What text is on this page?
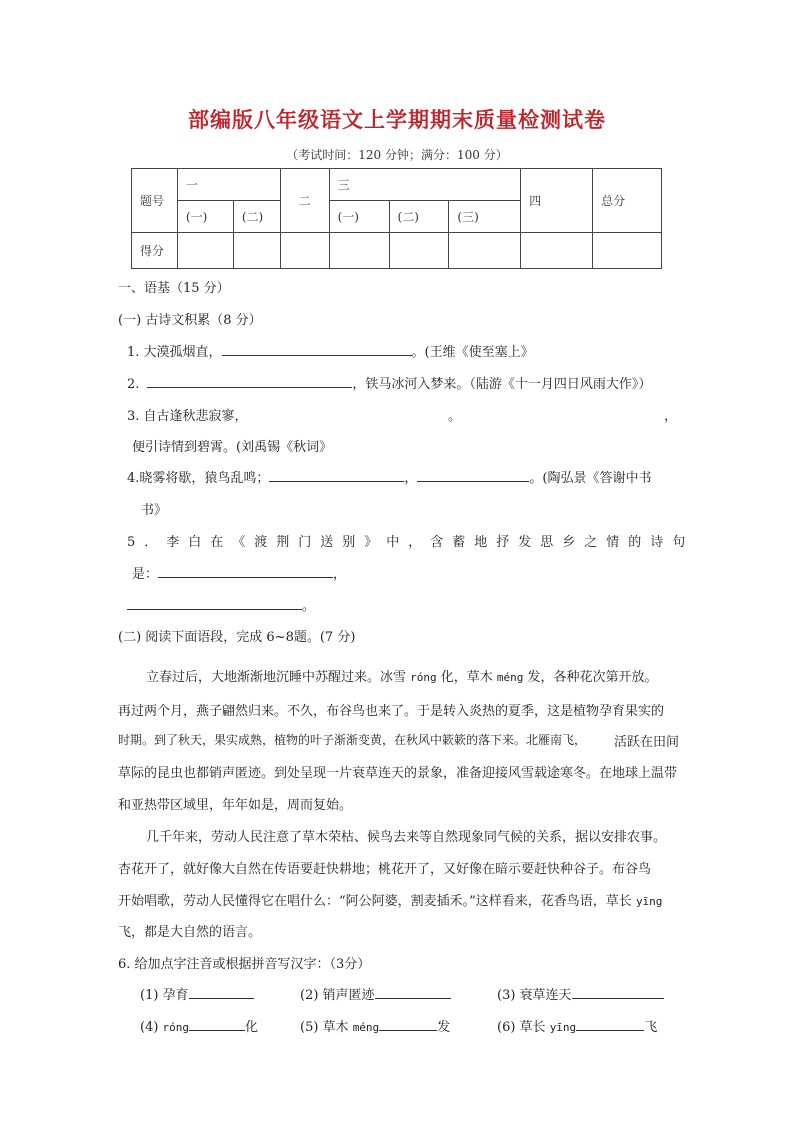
部编版八年级语文上学期期末质量检测试卷
（考试时间：120 分钟；满分：100 分）
题号	一		二	三			四	总分
	(一)	(二)		(一)	(二)	(三)		
得分								
一、语基（15 分）
(一) 古诗文积累（8 分）
1. 大漠孤烟直，	。(王维《使至塞上》
2.	，铁马冰河入梦来。（陆游《十一月四日风雨大作》）
3. 自古逢秋悲寂寥，	。	，
便引诗情到碧霄。(刘禹锡《秋词》
4.晓雾将歇，猿鸟乱鸣；	，	。(陶弘景《答谢中书
书》
5．李白在《渡荆门送别》中，含蓄地抒发思乡之情的诗句
是：	，
。
(二) 阅读下面语段，完成 6~8题。(7 分)
立春过后，大地渐渐地沉睡中苏醒过来。冰雪 róng 化，草木 méng 发，各种花次第开放。
再过两个月，燕子翩然归来。不久，布谷鸟也来了。于是转入炎热的夏季，这是植物孕育果实的
时期。到了秋天，果实成熟，植物的叶子渐渐变黄，在秋风中簌簌的落下来。北雁南飞， 活跃在田间
草际的昆虫也都销声匿迹。到处呈现一片衰草连天的景象，准备迎接风雪载途寒冬。在地球上温带
和亚热带区域里，年年如是，周而复始。
几千年来，劳动人民注意了草木荣枯、候鸟去来等自然现象同气候的关系，据以安排农事。
杏花开了，就好像大自然在传语要赶快耕地；桃花开了，又好像在暗示要赶快种谷子。布谷鸟
开始唱歌，劳动人民懂得它在唱什么：“阿公阿婆，割麦插禾。”这样看来，花香鸟语，草长 yīng
飞，都是大自然的语言。
6. 给加点字注音或根据拼音写汉字：（3分）
(1) 孕育	(2) 销声匿迹	(3) 衰草连天
(4) róng	化	(5) 草木 méng	发	(6) 草长 yīng	飞
